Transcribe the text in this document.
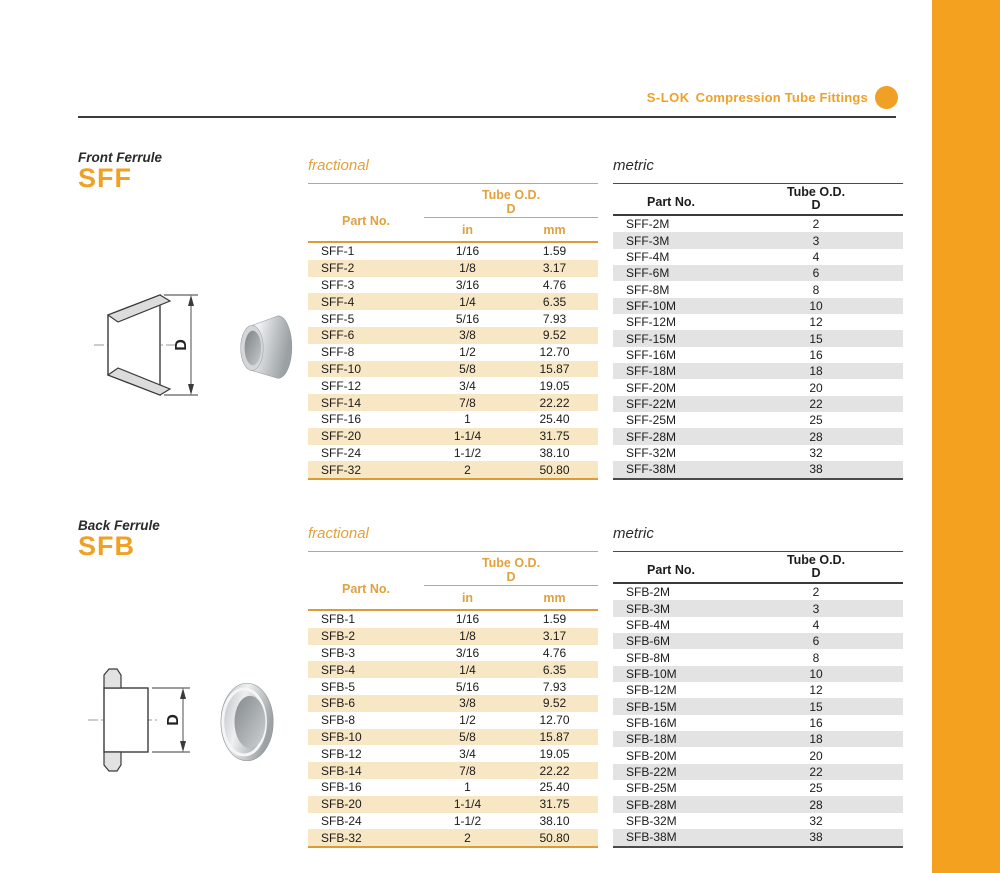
S-LOK Compression Tube Fittings
Front Ferrule
SFF
D
fractional
Part No.
Tube O.D.
D
in	mm
SFF-1	1/16	1.59
SFF-2	1/8	3.17
SFF-3	3/16	4.76
SFF-4	1/4	6.35
SFF-5	5/16	7.93
SFF-6	3/8	9.52
SFF-8	1/2	12.70
SFF-10	5/8	15.87
SFF-12	3/4	19.05
SFF-14	7/8	22.22
SFF-16	1	25.40
SFF-20	1-1/4	31.75
SFF-24	1-1/2	38.10
SFF-32	2	50.80
metric
Part No.
Tube O.D.
D
SFF-2M	2
SFF-3M	3
SFF-4M	4
SFF-6M	6
SFF-8M	8
SFF-10M	10
SFF-12M	12
SFF-15M	15
SFF-16M	16
SFF-18M	18
SFF-20M	20
SFF-22M	22
SFF-25M	25
SFF-28M	28
SFF-32M	32
SFF-38M	38
Back Ferrule
SFB
D
fractional
Part No.
Tube O.D.
D
in	mm
SFB-1	1/16	1.59
SFB-2	1/8	3.17
SFB-3	3/16	4.76
SFB-4	1/4	6.35
SFB-5	5/16	7.93
SFB-6	3/8	9.52
SFB-8	1/2	12.70
SFB-10	5/8	15.87
SFB-12	3/4	19.05
SFB-14	7/8	22.22
SFB-16	1	25.40
SFB-20	1-1/4	31.75
SFB-24	1-1/2	38.10
SFB-32	2	50.80
metric
Part No.
Tube O.D.
D
SFB-2M	2
SFB-3M	3
SFB-4M	4
SFB-6M	6
SFB-8M	8
SFB-10M	10
SFB-12M	12
SFB-15M	15
SFB-16M	16
SFB-18M	18
SFB-20M	20
SFB-22M	22
SFB-25M	25
SFB-28M	28
SFB-32M	32
SFB-38M	38
